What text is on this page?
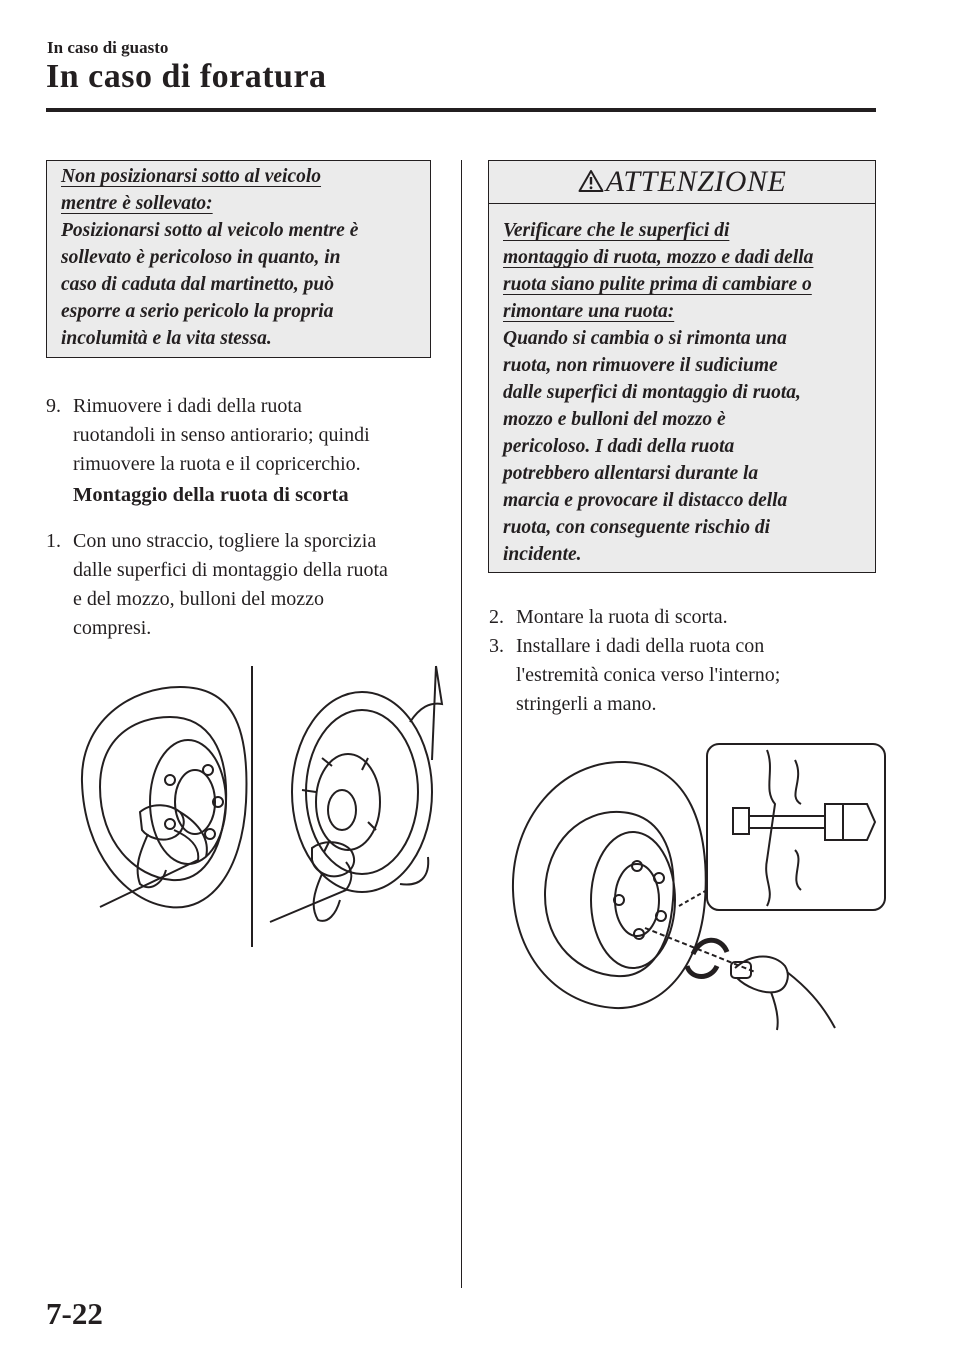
In caso di guasto
In caso di foratura
Non posizionarsi sotto al veicolo
mentre è sollevato:
Posizionarsi sotto al veicolo mentre è
sollevato è pericoloso in quanto, in
caso di caduta dal martinetto, può
esporre a serio pericolo la propria
incolumità e la vita stessa.
9. Rimuovere i dadi della ruota
ruotandoli in senso antiorario; quindi
rimuovere la ruota e il copricerchio.
Montaggio della ruota di scorta
1. Con uno straccio, togliere la sporcizia
dalle superfici di montaggio della ruota
e del mozzo, bulloni del mozzo
compresi.
ATTENZIONE
Verificare che le superfici di
montaggio di ruota, mozzo e dadi della
ruota siano pulite prima di cambiare o
rimontare una ruota:
Quando si cambia o si rimonta una
ruota, non rimuovere il sudiciume
dalle superfici di montaggio di ruota,
mozzo e bulloni del mozzo è
pericoloso. I dadi della ruota
potrebbero allentarsi durante la
marcia e provocare il distacco della
ruota, con conseguente rischio di
incidente.
2. Montare la ruota di scorta.
3. Installare i dadi della ruota con
l'estremità conica verso l'interno;
stringerli a mano.
7-22
